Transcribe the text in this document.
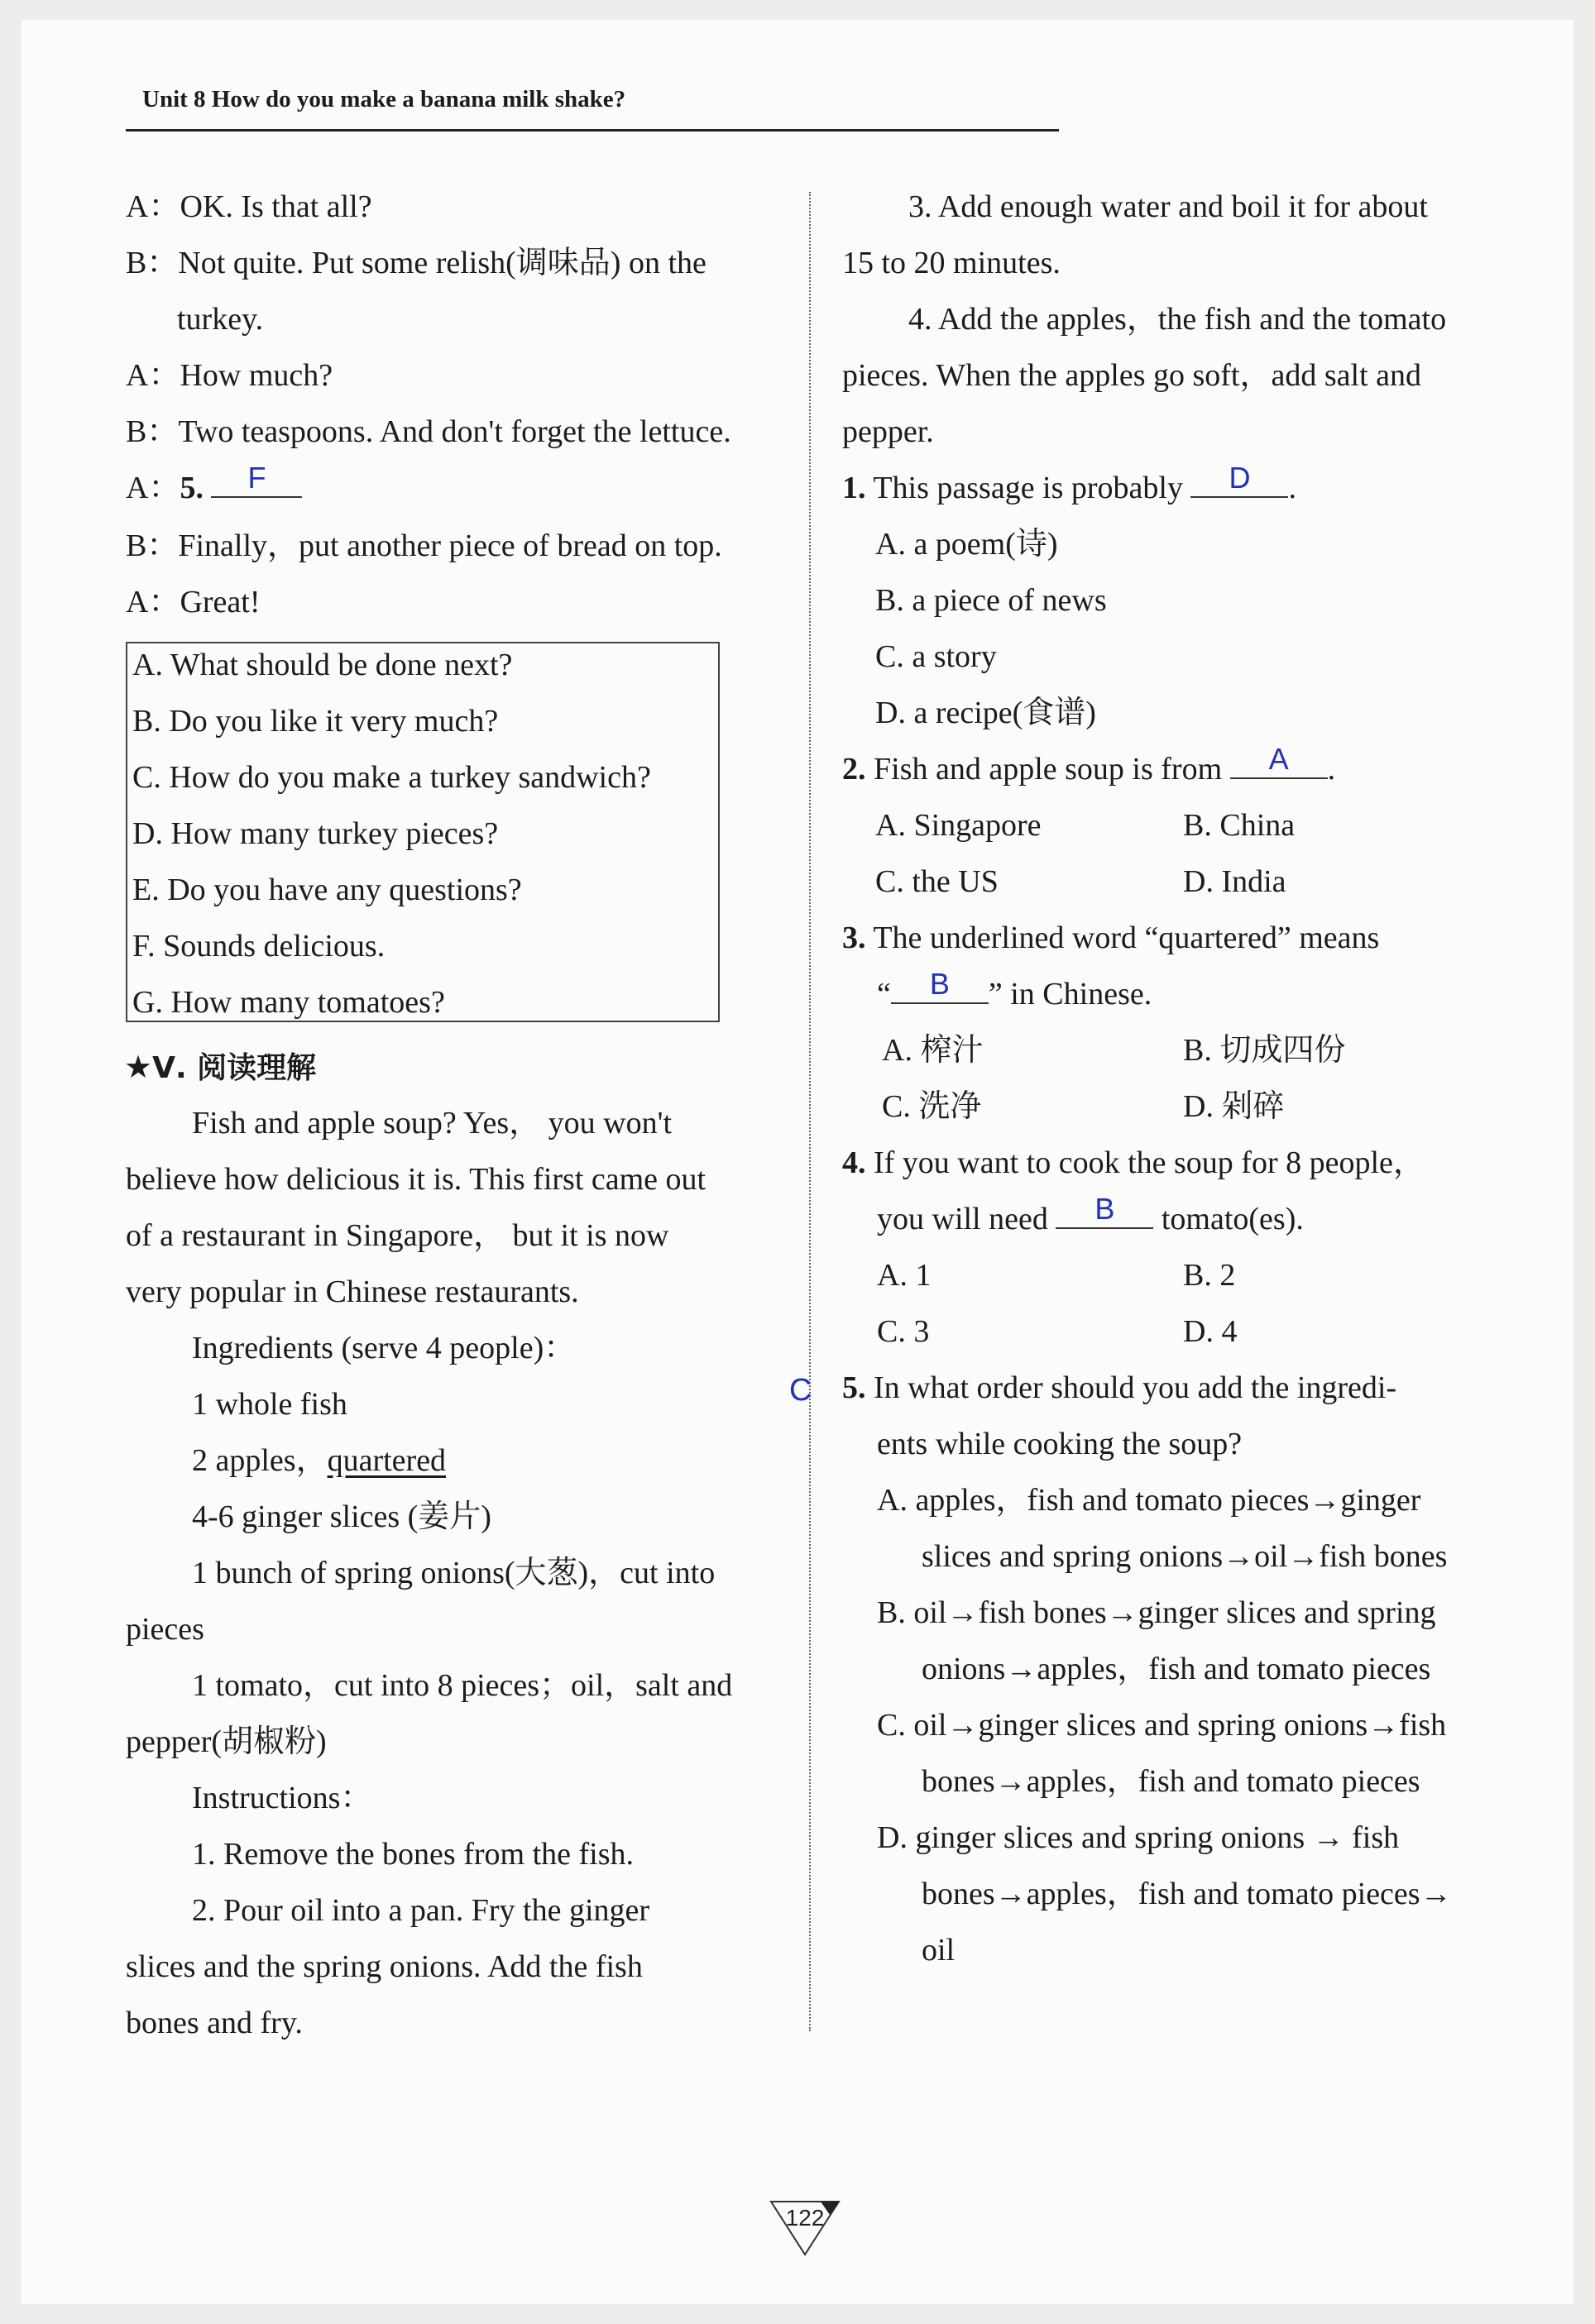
Unit 8 How do you make a banana milk shake?
A：OK. Is that all?
B：Not quite. Put some relish(调味品) on the
turkey.
A：How much?
B：Two teaspoons. And don't forget the lettuce.
A：5.	F
B：Finally，put another piece of bread on top.
A：Great!
A. What should be done next?
B. Do you like it very much?
C. How do you make a turkey sandwich?
D. How many turkey pieces?
E. Do you have any questions?
F. Sounds delicious.
G. How many tomatoes?
★Ⅴ. 阅读理解
Fish and apple soup? Yes， you won't
believe how delicious it is. This first came out
of a restaurant in Singapore， but it is now
very popular in Chinese restaurants.
Ingredients (serve 4 people)：
1 whole fish
2 apples，quartered
4-6 ginger slices (姜片)
1 bunch of spring onions(大葱)，cut into
pieces
1 tomato，cut into 8 pieces；oil，salt and
pepper(胡椒粉)
Instructions：
1. Remove the bones from the fish.
2. Pour oil into a pan. Fry the ginger
slices and the spring onions. Add the fish
bones and fry.
3. Add enough water and boil it for about
15 to 20 minutes.
4. Add the apples，the fish and the tomato
pieces. When the apples go soft，add salt and
pepper.
1. This passage is probably	D	.
A. a poem(诗)
B. a piece of news
C. a story
D. a recipe(食谱)
2. Fish and apple soup is from	A	.
A. Singapore	B. China
C. the US	D. India
3. The underlined word “quartered” means
“	B	” in Chinese.
A. 榨汁	B. 切成四份
C. 洗净	D. 剁碎
4. If you want to cook the soup for 8 people，
you will need	B	tomato(es).
A. 1	B. 2
C. 3	D. 4
C 5. In what order should you add the ingredi-
ents while cooking the soup?
A. apples，fish and tomato pieces→ginger
slices and spring onions→oil→fish bones
B. oil→fish bones→ginger slices and spring
onions→apples，fish and tomato pieces
C. oil→ginger slices and spring onions→fish
bones→apples，fish and tomato pieces
D. ginger slices and spring onions → fish
bones→apples，fish and tomato pieces→
oil
122
